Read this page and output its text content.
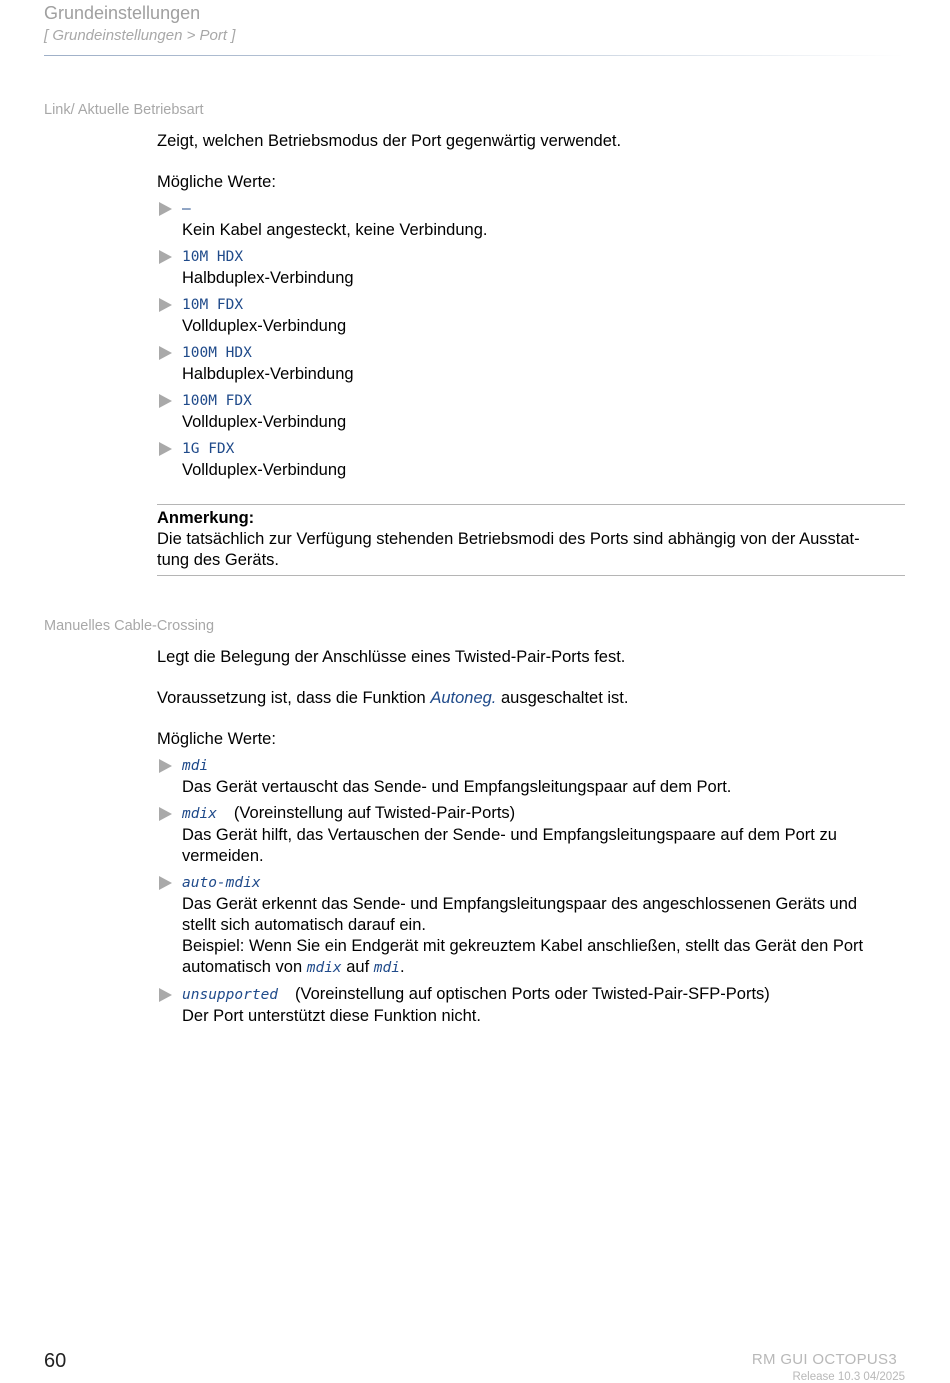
Grundeinstellungen
[ Grundeinstellungen > Port ]
Link/ Aktuelle Betriebsart

Zeigt, welchen Betriebsmodus der Port gegenwärtig verwendet.

Mögliche Werte:

–
Kein Kabel angesteckt, keine Verbindung.
10M HDX
Halbduplex-Verbindung
10M FDX
Vollduplex-Verbindung
100M HDX
Halbduplex-Verbindung
100M FDX
Vollduplex-Verbindung
1G FDX
Vollduplex-Verbindung
Anmerkung:
Die tatsächlich zur Verfügung stehenden Betriebsmodi des Ports sind abhängig von der Ausstat-
tung des Geräts.
Manuelles Cable-Crossing

Legt die Belegung der Anschlüsse eines Twisted-Pair-Ports fest.

Voraussetzung ist, dass die Funktion Autoneg. ausgeschaltet ist.

Mögliche Werte:

mdi
Das Gerät vertauscht das Sende- und Empfangsleitungspaar auf dem Port.
mdix (Voreinstellung auf Twisted-Pair-Ports)
Das Gerät hilft, das Vertauschen der Sende- und Empfangsleitungspaare auf dem Port zu
vermeiden.
auto-mdix
Das Gerät erkennt das Sende- und Empfangsleitungspaar des angeschlossenen Geräts und
stellt sich automatisch darauf ein.
Beispiel: Wenn Sie ein Endgerät mit gekreuztem Kabel anschließen, stellt das Gerät den Port
automatisch von mdix auf mdi.
unsupported (Voreinstellung auf optischen Ports oder Twisted-Pair-SFP-Ports)
Der Port unterstützt diese Funktion nicht.
60	RM GUI OCTOPUS3
Release 10.3 04/2025
